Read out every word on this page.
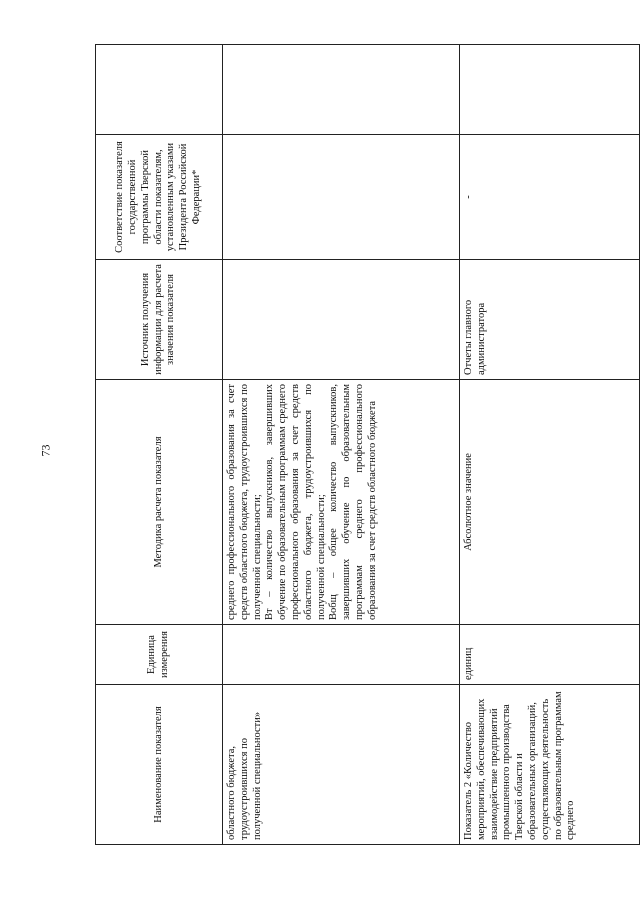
73
Наименование показателя	Единица измерения	Методика расчета показателя	Источник получения информации для расчета значения показателя	Соответствие показателя государственной программы Тверской области показателям, установленным указами Президента Российской Федерации*	
областного бюджета, трудоустроившихся по полученной специальности»		среднего профессионального образования за счет средств областного бюджета, трудоустроившихся по полученной специальности; Вт – количество выпускников, завершивших обучение по образовательным программам среднего профессионального образования за счет средств областного бюджета, трудоустроившихся по полученной специальности; Вобщ – общее количество выпускников, завершивших обучение по образовательным программам среднего профессионального образования за счет средств областного бюджета			

Показатель 2 «Количество мероприятий, обеспечивающих взаимодействие предприятий промышленного производства Тверской области и образовательных организаций, осуществляющих деятельность по образовательным программам среднего	единиц	Абсолютное значение	Отчеты главного администратора	-	
